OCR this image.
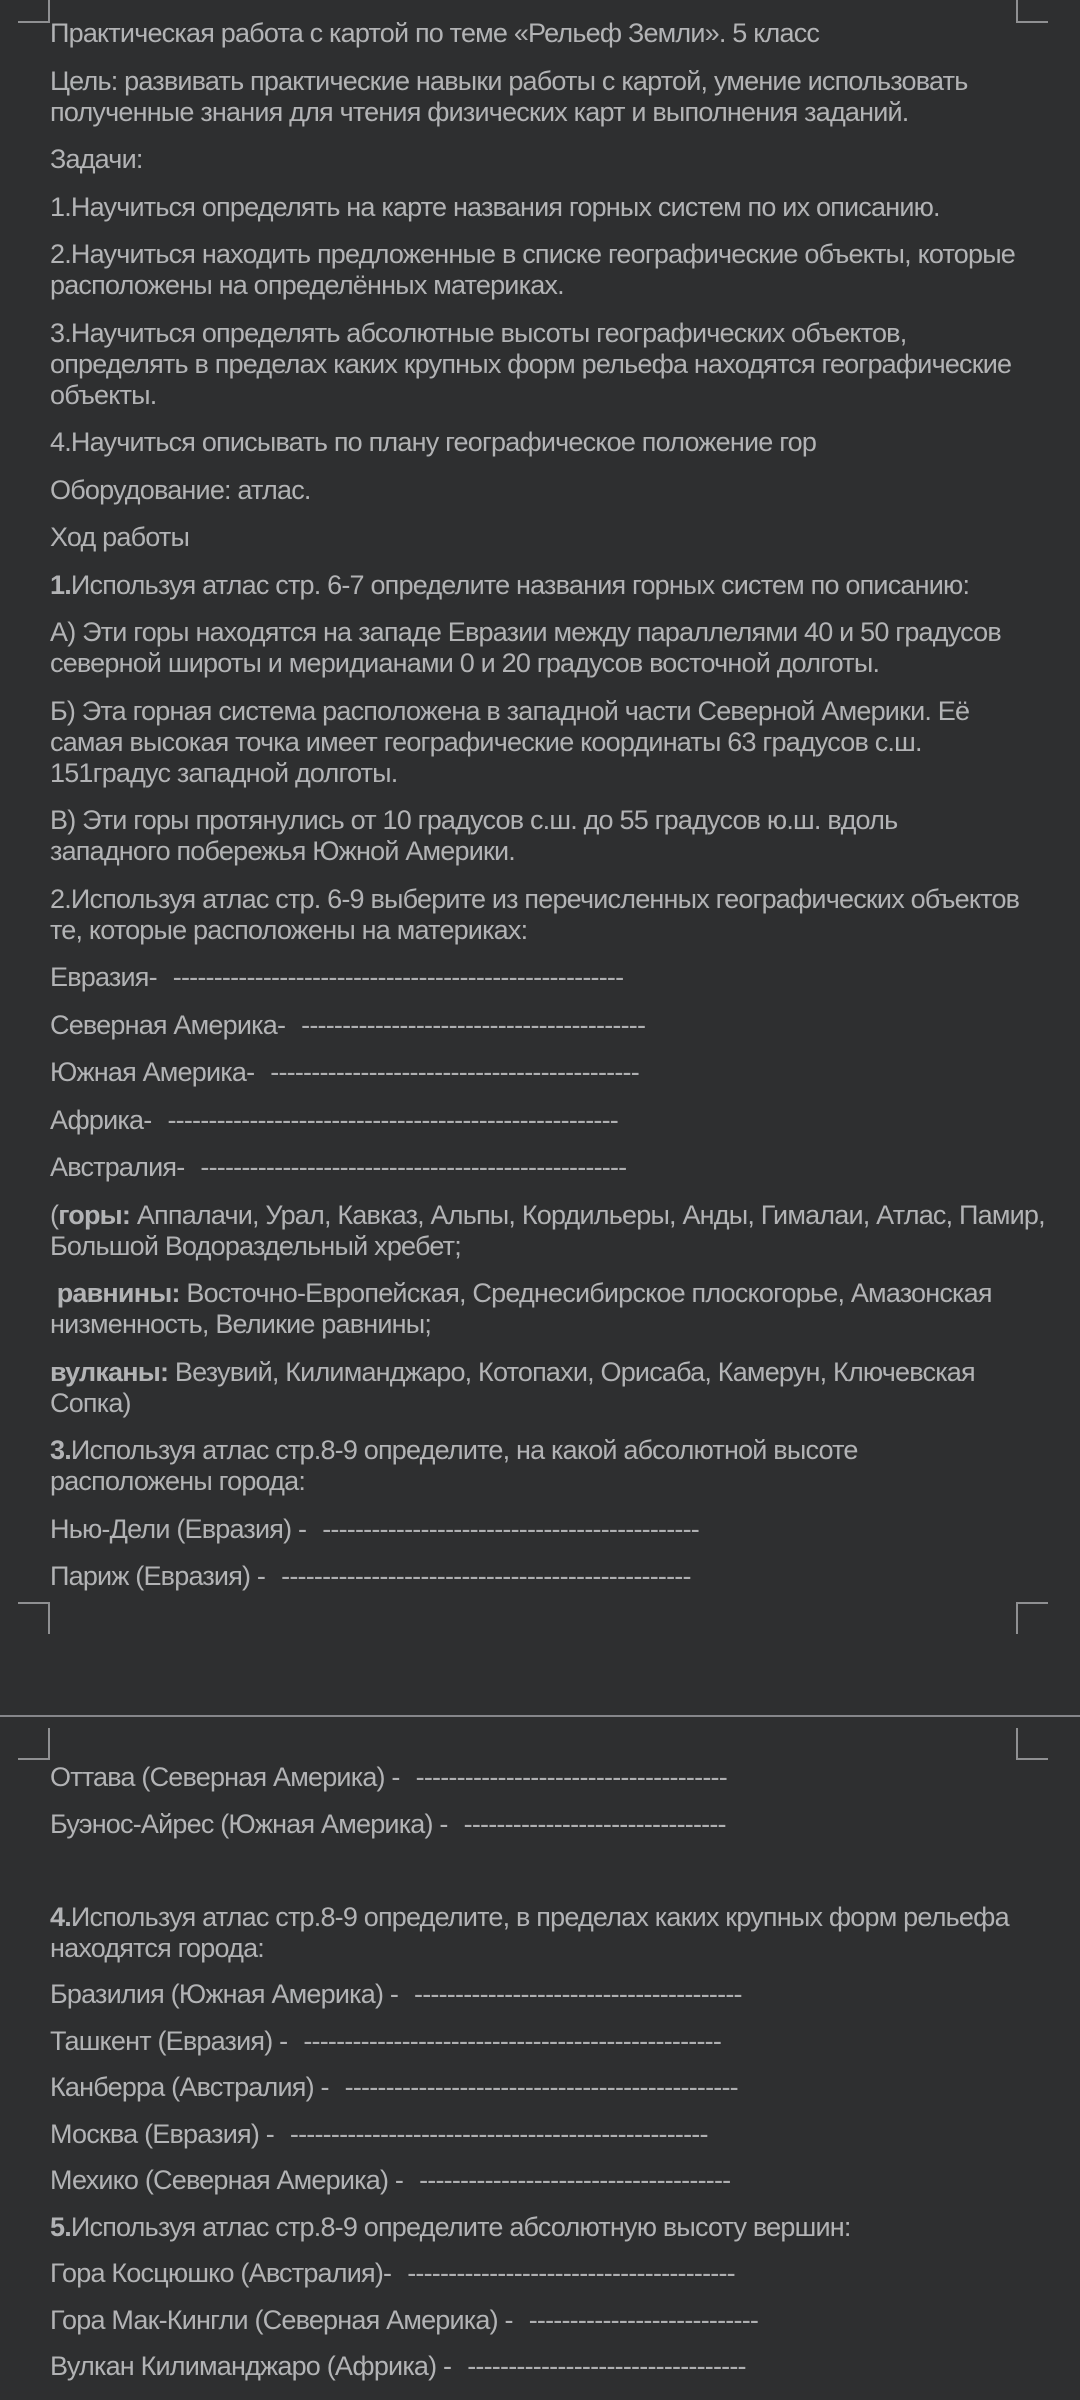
Практическая работа с картой по теме «Рельеф Земли». 5 класс
Цель: развивать практические навыки работы с картой, умение использовать
полученные знания для чтения физических карт и выполнения заданий.
Задачи:
1.Научиться определять на карте названия горных систем по их описанию.
2.Научиться находить предложенные в списке географические объекты, которые
расположены на определённых материках.
3.Научиться определять абсолютные высоты географических объектов,
определять в пределах каких крупных форм рельефа находятся географические
объекты.
4.Научиться описывать по плану географическое положение гор
Оборудование: атлас.
Ход работы
1.Используя атлас стр. 6-7 определите названия горных систем по описанию:
А) Эти горы находятся на западе Евразии между параллелями 40 и 50 градусов
северной широты и меридианами 0 и 20 градусов восточной долготы.
Б) Эта горная система расположена в западной части Северной Америки. Её
самая высокая точка имеет географические координаты 63 градусов с.ш.
151градус западной долготы.
В) Эти горы протянулись от 10 градусов с.ш. до 55 градусов ю.ш. вдоль
западного побережья Южной Америки.
2.Используя атлас стр. 6-9 выберите из перечисленных географических объектов
те, которые расположены на материках:
Евразия- -------------------------------------------------------
Северная Америка- ------------------------------------------
Южная Америка- ---------------------------------------------
Африка- -------------------------------------------------------
Австралия- ----------------------------------------------------
(горы: Аппалачи, Урал, Кавказ, Альпы, Кордильеры, Анды, Гималаи, Атлас, Памир,
Большой Водораздельный хребет;
равнины: Восточно-Европейская, Среднесибирское плоскогорье, Амазонская
низменность, Великие равнины;
вулканы: Везувий, Килиманджаро, Котопахи, Орисаба, Камерун, Ключевская
Сопка)
3.Используя атлас стр.8-9 определите, на какой абсолютной высоте
расположены города:
Нью-Дели (Евразия) - ----------------------------------------------
Париж (Евразия) - --------------------------------------------------
Оттава (Северная Америка) - --------------------------------------
Буэнос-Айрес (Южная Америка) - --------------------------------
4.Используя атлас стр.8-9 определите, в пределах каких крупных форм рельефа
находятся города:
Бразилия (Южная Америка) - ----------------------------------------
Ташкент (Евразия) - ---------------------------------------------------
Канберра (Австралия) - ------------------------------------------------
Москва (Евразия) - ---------------------------------------------------
Мехико (Северная Америка) - --------------------------------------
5.Используя атлас стр.8-9 определите абсолютную высоту вершин:
Гора Косцюшко (Австралия)- ----------------------------------------
Гора Мак-Кингли (Северная Америка) - ----------------------------
Вулкан Килиманджаро (Африка) - ----------------------------------
